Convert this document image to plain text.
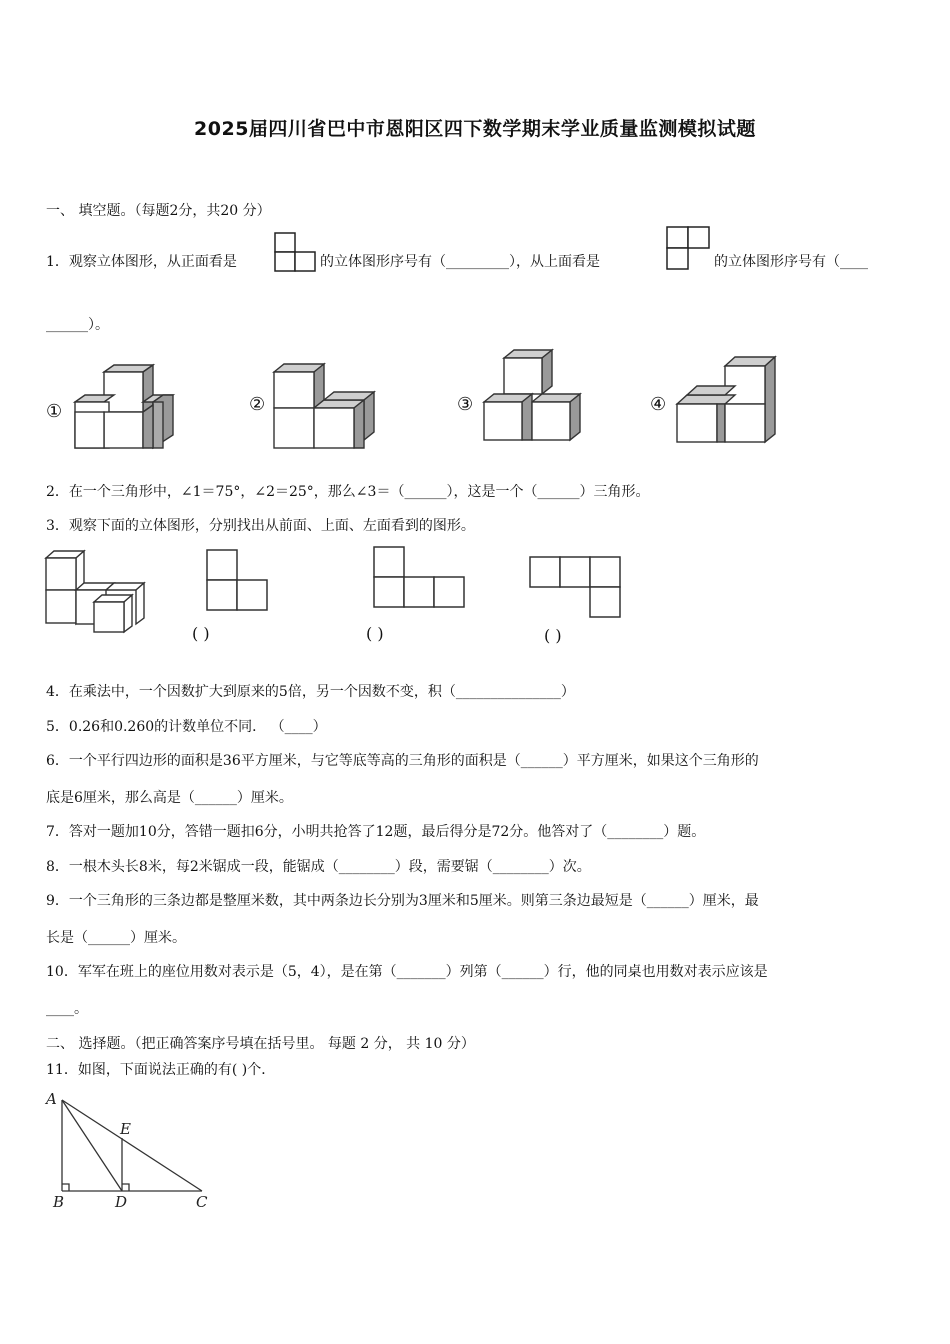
2025届四川省巴中市恩阳区四下数学期末学业质量监测模拟试题
一、 填空题。（每题2分，共20 分）
1．观察立体图形，从正面看是	的立体图形序号有（_________），从上面看是	的立体图形序号有（____
______）。
①	②	③	④
2．在一个三角形中，∠1＝75°，∠2＝25°，那么∠3＝（______），这是一个（______）三角形。
3．观察下面的立体图形，分别找出从前面、上面、左面看到的图形。
( )	( )	( )
4．在乘法中，一个因数扩大到原来的5倍，另一个因数不变，积（_______________）
5．0.26和0.260的计数单位不同． （____）
6．一个平行四边形的面积是36平方厘米，与它等底等高的三角形的面积是（______）平方厘米，如果这个三角形的
底是6厘米，那么高是（______）厘米。
7．答对一题加10分，答错一题扣6分，小明共抢答了12题，最后得分是72分。他答对了（________）题。
8．一根木头长8米，每2米锯成一段，能锯成（________）段，需要锯（________）次。
9．一个三角形的三条边都是整厘米数，其中两条边长分别为3厘米和5厘米。则第三条边最短是（______）厘米，最
长是（______）厘米。
10．军军在班上的座位用数对表示是（5，4），是在第（_______）列第（______）行，他的同桌也用数对表示应该是
____。
二、 选择题。（把正确答案序号填在括号里。 每题 2 分， 共 10 分）
11．如图，下面说法正确的有( )个．
A
E
B	D	C
